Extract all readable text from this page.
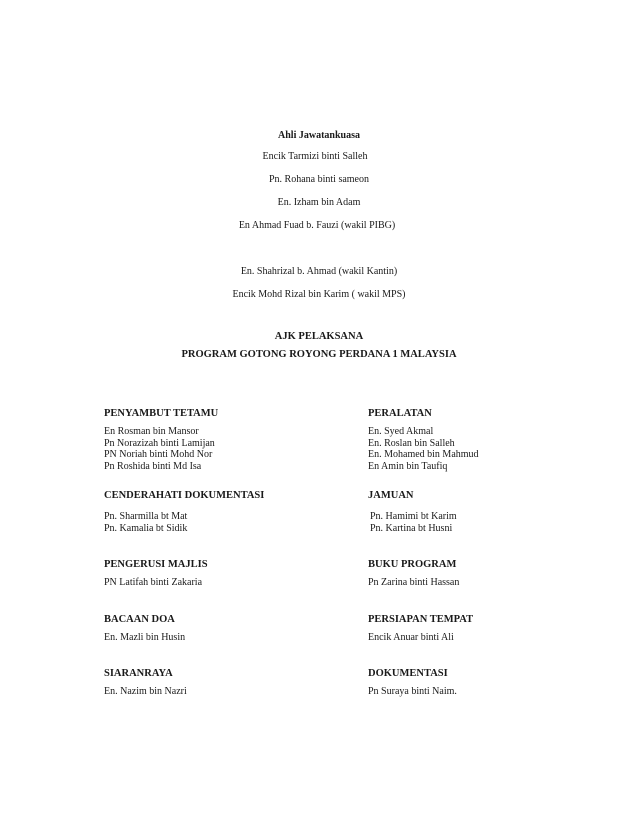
Ahli Jawatankuasa
Encik Tarmizi binti Salleh
Pn. Rohana binti sameon
En. Izham bin Adam
En Ahmad Fuad b. Fauzi (wakil PIBG)
En. Shahrizal b. Ahmad (wakil Kantin)
Encik Mohd Rizal bin Karim ( wakil MPS)
AJK PELAKSANA
PROGRAM GOTONG ROYONG PERDANA 1 MALAYSIA
PENYAMBUT TETAMU
En Rosman bin Mansor
Pn Norazizah binti Lamijan
PN Noriah binti Mohd Nor
Pn Roshida binti Md Isa
PERALATAN
En. Syed Akmal
En. Roslan bin Salleh
En. Mohamed bin Mahmud
En Amin bin Taufiq
CENDERAHATI DOKUMENTASI
Pn. Sharmilla bt Mat
Pn. Kamalia bt Sidik
JAMUAN
Pn. Hamimi bt Karim
Pn. Kartina bt Husni
PENGERUSI MAJLIS
PN Latifah binti Zakaria
BUKU PROGRAM
Pn Zarina binti Hassan
BACAAN DOA
En. Mazli bin Husin
PERSIAPAN TEMPAT
Encik Anuar binti Ali
SIARANRAYA
En. Nazim bin Nazri
DOKUMENTASI
Pn Suraya binti Naim.
